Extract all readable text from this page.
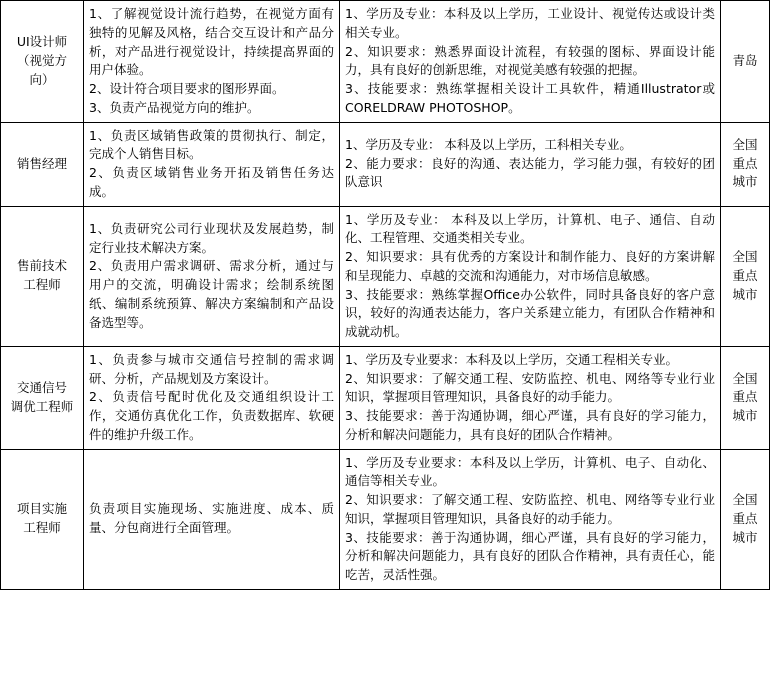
UI设计师
（视觉方
向）	1、了解视觉设计流行趋势，在视觉方面有独特的见解及风格，结合交互设计和产品分析，对产品进行视觉设计，持续提高界面的用户体验。
2、设计符合项目要求的图形界面。
3、负责产品视觉方向的维护。	1、学历及专业：本科及以上学历，工业设计、视觉传达或设计类相关专业。
2、知识要求：熟悉界面设计流程，有较强的图标、界面设计能力，具有良好的创新思维，对视觉美感有较强的把握。
3、技能要求：熟练掌握相关设计工具软件，精通Illustrator或CORELDRAW PHOTOSHOP。	青岛

销售经理	1、负责区域销售政策的贯彻执行、制定，完成个人销售目标。
2、负责区域销售业务开拓及销售任务达成。	1、学历及专业： 本科及以上学历，工科相关专业。
2、能力要求：良好的沟通、表达能力，学习能力强，有较好的团队意识	全国
重点
城市

售前技术
工程师	1、负责研究公司行业现状及发展趋势，制定行业技术解决方案。
2、负责用户需求调研、需求分析，通过与用户的交流，明确设计需求；绘制系统图纸、编制系统预算、解决方案编制和产品设备选型等。	1、学历及专业： 本科及以上学历，计算机、电子、通信、自动化、工程管理、交通类相关专业。
2、知识要求：具有优秀的方案设计和制作能力、良好的方案讲解和呈现能力、卓越的交流和沟通能力，对市场信息敏感。
3、技能要求：熟练掌握Office办公软件，同时具备良好的客户意识，较好的沟通表达能力，客户关系建立能力，有团队合作精神和成就动机。	全国
重点
城市

交通信号
调优工程师	1、负责参与城市交通信号控制的需求调研、分析，产品规划及方案设计。
2、负责信号配时优化及交通组织设计工作，交通仿真优化工作，负责数据库、软硬件的维护升级工作。	1、学历及专业要求：本科及以上学历，交通工程相关专业。
2、知识要求：了解交通工程、安防监控、机电、网络等专业行业知识，掌握项目管理知识，具备良好的动手能力。
3、技能要求：善于沟通协调，细心严谨，具有良好的学习能力，分析和解决问题能力，具有良好的团队合作精神。	全国
重点
城市

项目实施
工程师	负责项目实施现场、实施进度、成本、质量、分包商进行全面管理。	1、学历及专业要求：本科及以上学历，计算机、电子、自动化、通信等相关专业。
2、知识要求：了解交通工程、安防监控、机电、网络等专业行业知识，掌握项目管理知识，具备良好的动手能力。
3、技能要求：善于沟通协调，细心严谨，具有良好的学习能力，分析和解决问题能力，具有良好的团队合作精神，具有责任心，能吃苦，灵活性强。	全国
重点
城市
